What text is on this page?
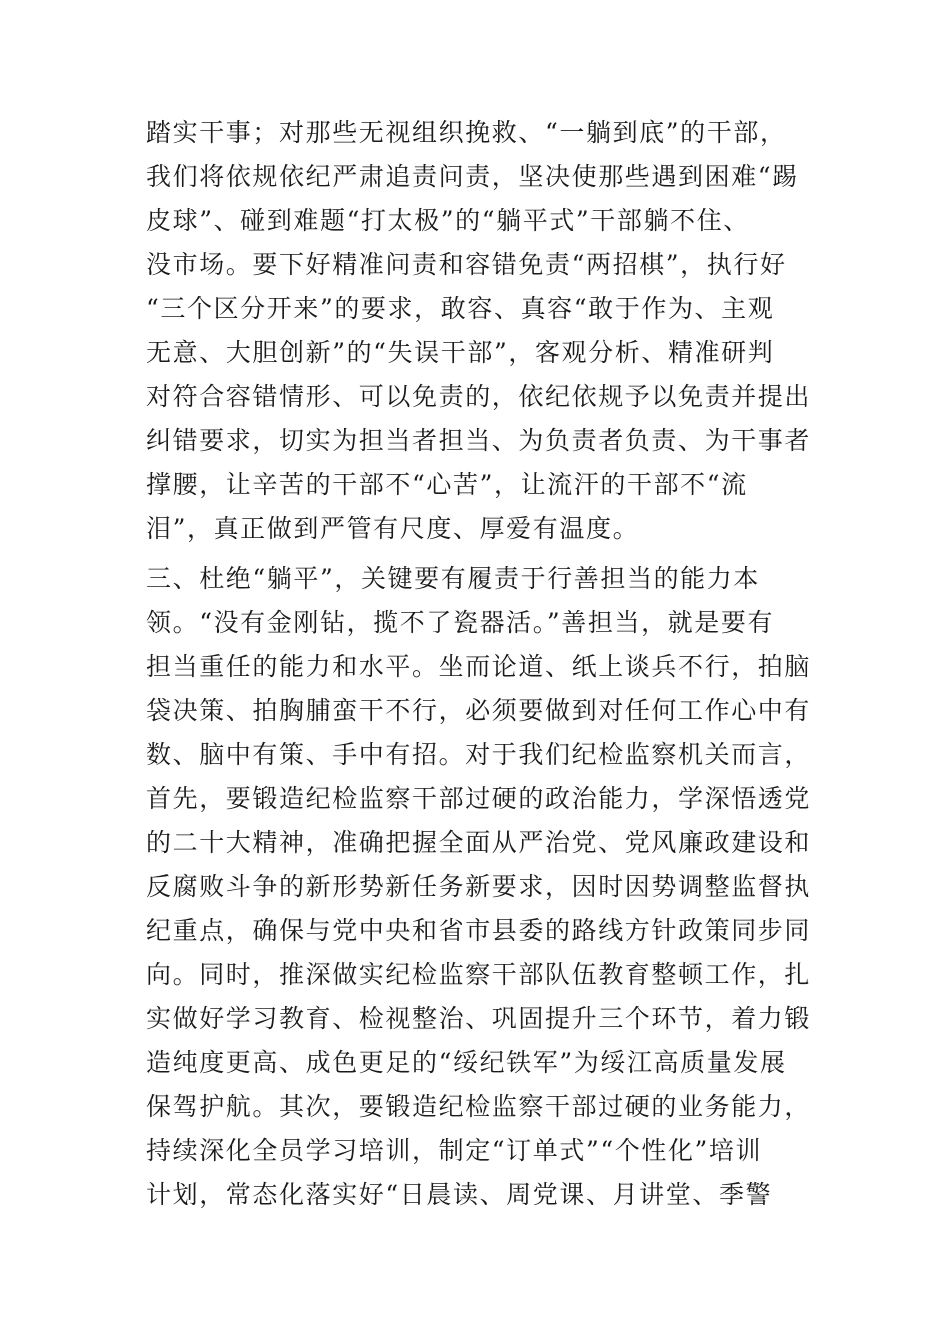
踏实干事；对那些无视组织挽救、“一躺到底”的干部，
我们将依规依纪严肃追责问责，坚决使那些遇到困难“踢
皮球”、碰到难题“打太极”的“躺平式”干部躺不住、
没市场。要下好精准问责和容错免责“两招棋”，执行好
“三个区分开来”的要求，敢容、真容“敢于作为、主观
无意、大胆创新”的“失误干部”，客观分析、精准研判
对符合容错情形、可以免责的，依纪依规予以免责并提出
纠错要求，切实为担当者担当、为负责者负责、为干事者
撑腰，让辛苦的干部不“心苦”，让流汗的干部不“流
泪”，真正做到严管有尺度、厚爱有温度。
三、杜绝“躺平”，关键要有履责于行善担当的能力本
领。“没有金刚钻，揽不了瓷器活。”善担当，就是要有
担当重任的能力和水平。坐而论道、纸上谈兵不行，拍脑
袋决策、拍胸脯蛮干不行，必须要做到对任何工作心中有
数、脑中有策、手中有招。对于我们纪检监察机关而言，
首先，要锻造纪检监察干部过硬的政治能力，学深悟透党
的二十大精神，准确把握全面从严治党、党风廉政建设和
反腐败斗争的新形势新任务新要求，因时因势调整监督执
纪重点，确保与党中央和省市县委的路线方针政策同步同
向。同时，推深做实纪检监察干部队伍教育整顿工作，扎
实做好学习教育、检视整治、巩固提升三个环节，着力锻
造纯度更高、成色更足的“绥纪铁军”为绥江高质量发展
保驾护航。其次，要锻造纪检监察干部过硬的业务能力，
持续深化全员学习培训，制定“订单式”“个性化”培训
计划，常态化落实好“日晨读、周党课、月讲堂、季警
